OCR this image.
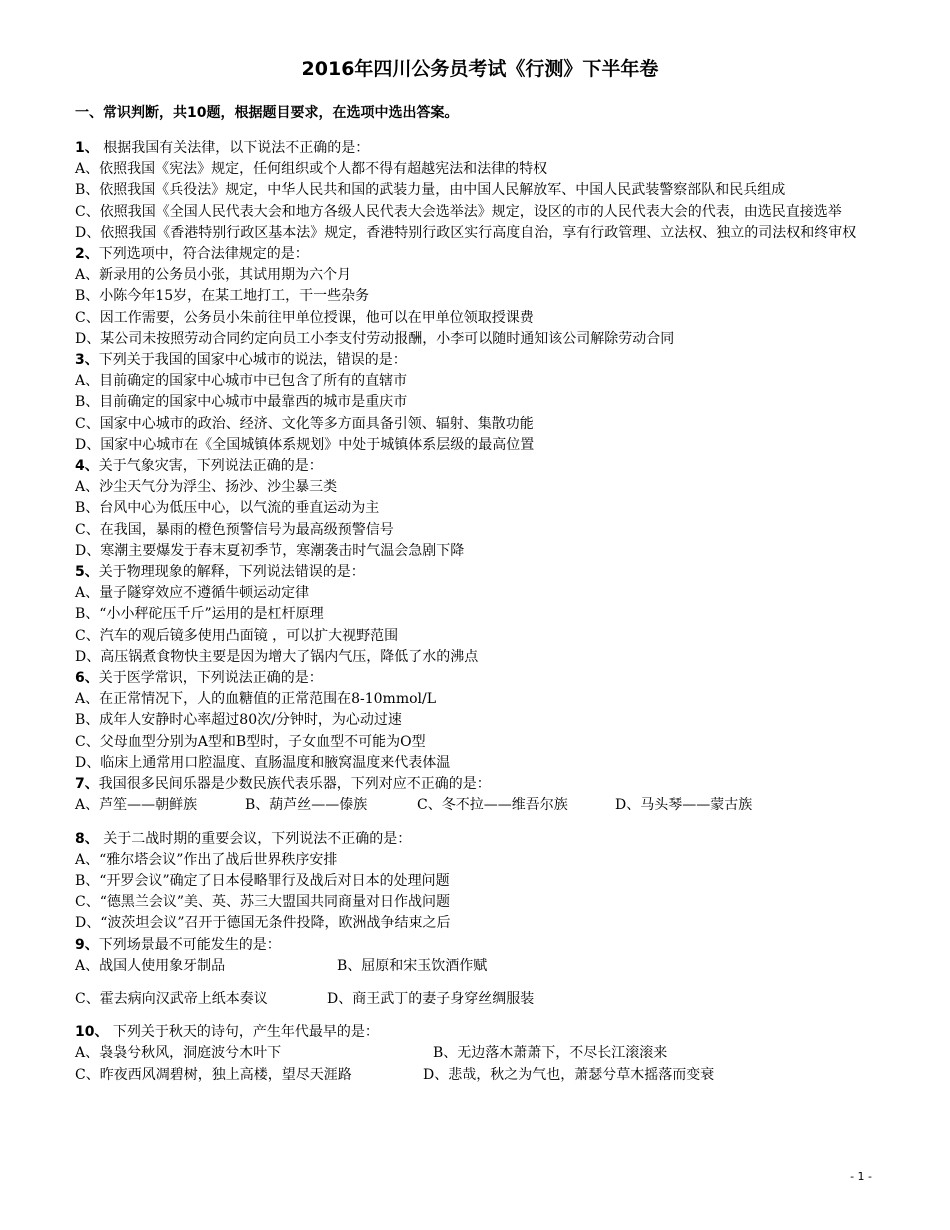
2016年四川公务员考试《行测》下半年卷
一、常识判断，共10题，根据题目要求，在选项中选出答案。
1、 根据我国有关法律，以下说法不正确的是：
A、依照我国《宪法》规定，任何组织或个人都不得有超越宪法和法律的特权
B、依照我国《兵役法》规定，中华人民共和国的武装力量，由中国人民解放军、中国人民武装警察部队和民兵组成
C、依照我国《全国人民代表大会和地方各级人民代表大会选举法》规定，设区的市的人民代表大会的代表，由选民直接选举
D、依照我国《香港特别行政区基本法》规定，香港特别行政区实行高度自治，享有行政管理、立法权、独立的司法权和终审权
2、下列选项中，符合法律规定的是：
A、新录用的公务员小张，其试用期为六个月
B、小陈今年15岁，在某工地打工，干一些杂务
C、因工作需要，公务员小朱前往甲单位授课，他可以在甲单位领取授课费
D、某公司未按照劳动合同约定向员工小李支付劳动报酬，小李可以随时通知该公司解除劳动合同
3、下列关于我国的国家中心城市的说法，错误的是：
A、目前确定的国家中心城市中已包含了所有的直辖市
B、目前确定的国家中心城市中最靠西的城市是重庆市
C、国家中心城市的政治、经济、文化等多方面具备引领、辐射、集散功能
D、国家中心城市在《全国城镇体系规划》中处于城镇体系层级的最高位置
4、关于气象灾害，下列说法正确的是：
A、沙尘天气分为浮尘、扬沙、沙尘暴三类
B、台风中心为低压中心，以气流的垂直运动为主
C、在我国，暴雨的橙色预警信号为最高级预警信号
D、寒潮主要爆发于春末夏初季节，寒潮袭击时气温会急剧下降
5、关于物理现象的解释，下列说法错误的是：
A、量子隧穿效应不遵循牛顿运动定律
B、“小小秤砣压千斤”运用的是杠杆原理
C、汽车的观后镜多使用凸面镜 ，可以扩大视野范围
D、高压锅煮食物快主要是因为增大了锅内气压，降低了水的沸点
6、关于医学常识，下列说法正确的是：
A、在正常情况下，人的血糖值的正常范围在8-10mmol/L
B、成年人安静时心率超过80次/分钟时，为心动过速
C、父母血型分别为A型和B型时，子女血型不可能为O型
D、临床上通常用口腔温度、直肠温度和腋窝温度来代表体温
7、我国很多民间乐器是少数民族代表乐器，下列对应不正确的是：
A、芦笙——朝鲜族	B、葫芦丝——傣族	C、冬不拉——维吾尔族	D、马头琴——蒙古族
8、 关于二战时期的重要会议，下列说法不正确的是：
A、“雅尔塔会议”作出了战后世界秩序安排
B、“开罗会议”确定了日本侵略罪行及战后对日本的处理问题
C、“德黑兰会议”美、英、苏三大盟国共同商量对日作战问题
D、“波茨坦会议”召开于德国无条件投降，欧洲战争结束之后
9、下列场景最不可能发生的是：
A、战国人使用象牙制品	B、屈原和宋玉饮酒作赋
C、霍去病向汉武帝上纸本奏议	D、商王武丁的妻子身穿丝绸服装
10、 下列关于秋天的诗句，产生年代最早的是：
A、袅袅兮秋风，洞庭波兮木叶下	B、无边落木萧萧下，不尽长江滚滚来
C、昨夜西风凋碧树，独上高楼，望尽天涯路	D、悲哉，秋之为气也，萧瑟兮草木摇落而变衰
- 1 -
